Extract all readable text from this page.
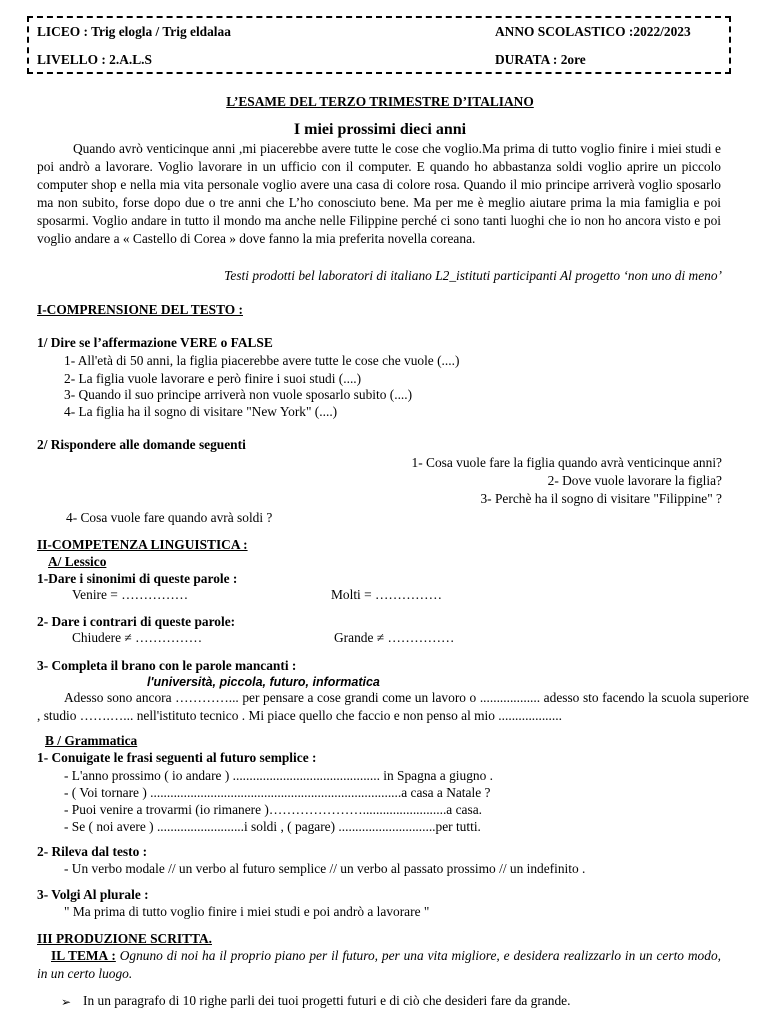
LICEO : Trig elogla / Trig eldalaa	ANNO SCOLASTICO :2022/2023
LIVELLO : 2.A.L.S	DURATA : 2ore
L’ESAME DEL TERZO TRIMESTRE D’ITALIANO
I miei prossimi dieci anni
Quando avrò venticinque anni ,mi piacerebbe avere tutte le cose che voglio.Ma prima di tutto voglio finire i miei studi e poi andrò a lavorare. Voglio lavorare in un ufficio con il computer. E quando ho abbastanza soldi voglio aprire un piccolo computer shop e nella mia vita personale voglio avere una casa di colore rosa. Quando il mio principe arriverà voglio sposarlo ma non subito, forse dopo due o tre anni che L’ho conosciuto bene. Ma per me è meglio aiutare prima la mia famiglia e poi sposarmi. Voglio andare in tutto il mondo ma anche nelle Filippine perché ci sono tanti luoghi che io non ho ancora visto e poi voglio andare a « Castello di Corea » dove fanno la mia preferita novella coreana.
Testi prodotti bel laboratori di italiano L2_istituti participanti Al progetto ‘non uno di meno’
I-COMPRENSIONE DEL TESTO :
1/ Dire se l’affermazione VERE o FALSE
1- All'età di 50 anni, la figlia piacerebbe avere tutte le cose che vuole (....)
2- La figlia vuole lavorare e però finire i suoi studi (....)
3- Quando il suo principe arriverà non vuole sposarlo subito (....)
4- La figlia ha il sogno di visitare "New York" (....)
2/ Rispondere alle domande seguenti
1- Cosa vuole fare la figlia quando avrà venticinque anni?
2- Dove vuole lavorare la figlia?
3- Perchè ha il sogno di visitare "Filippine" ?
4- Cosa vuole fare quando avrà soldi ?
II-COMPETENZA LINGUISTICA :
A/ Lessico
1-Dare i sinonimi di queste parole :
Venire = ……………	Molti = ……………
2- Dare i contrari di queste parole:
Chiudere ≠ ……………	Grande ≠ ……………
3- Completa il brano con le parole mancanti :
l'università, piccola, futuro, informatica
Adesso sono ancora …………... per pensare a cose grandi come un lavoro o .................. adesso sto facendo la scuola superiore , studio …….…... nell'istituto tecnico . Mi piace quello che faccio e non penso al mio ...................
B / Grammatica
1- Conuigate le frasi seguenti al futuro semplice :
- L'anno prossimo ( io andare ) ............................................ in Spagna a giugno .
- ( Voi tornare ) ...........................................................................a casa a Natale ?
- Puoi venire a trovarmi (io rimanere )………………….........................a casa.
- Se ( noi avere ) ..........................i soldi , ( pagare) .............................per tutti.
2- Rileva dal testo :
- Un verbo modale // un verbo al futuro semplice // un verbo al passato prossimo // un indefinito .
3- Volgi Al plurale :
" Ma prima di tutto voglio finire i miei studi e poi andrò a lavorare "
III PRODUZIONE SCRITTA.
IL TEMA : Ognuno di noi ha il proprio piano per il futuro, per una vita migliore, e desidera realizzarlo in un certo modo, in un certo luogo.
➢ In un paragrafo di 10 righe parli dei tuoi progetti futuri e di ciò che desideri fare da grande.
